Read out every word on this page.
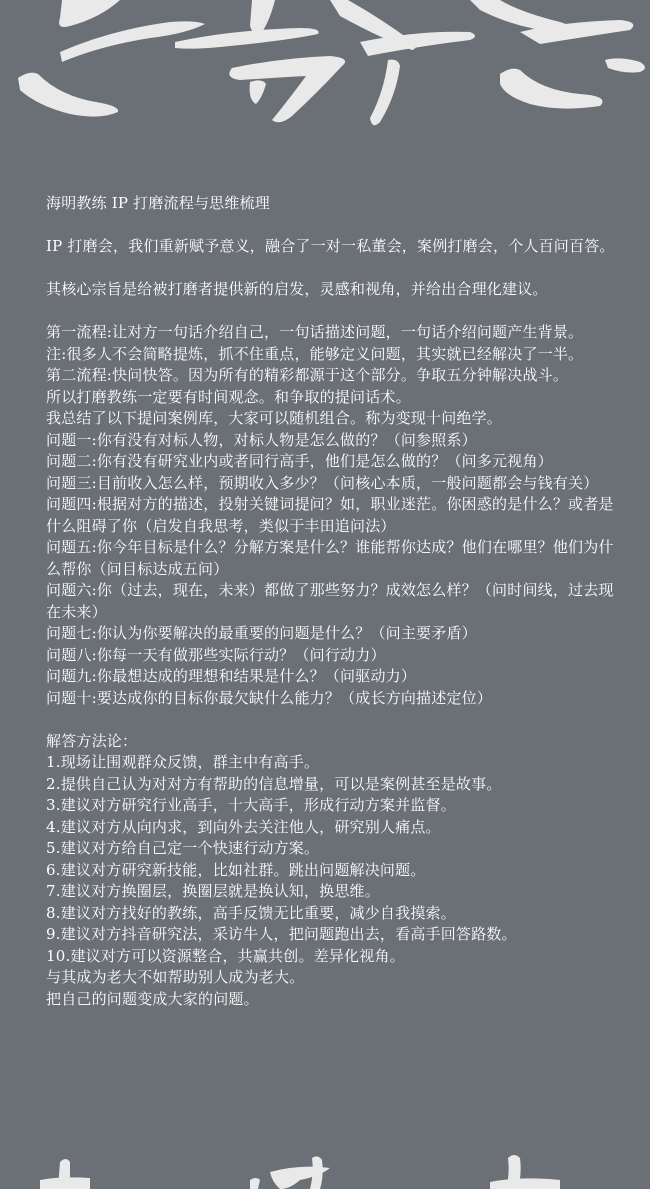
海明教练 IP 打磨流程与思维梳理

IP 打磨会，我们重新赋予意义，融合了一对一私董会，案例打磨会，个人百问百答。

其核心宗旨是给被打磨者提供新的启发，灵感和视角，并给出合理化建议。

第一流程:让对方一句话介绍自己，一句话描述问题，一句话介绍问题产生背景。

注:很多人不会简略提炼，抓不住重点，能够定义问题，其实就已经解决了一半。

第二流程:快问快答。因为所有的精彩都源于这个部分。争取五分钟解决战斗。

所以打磨教练一定要有时间观念。和争取的提问话术。

我总结了以下提问案例库，大家可以随机组合。称为变现十问绝学。

问题一:你有没有对标人物，对标人物是怎么做的？（问参照系）

问题二:你有没有研究业内或者同行高手，他们是怎么做的？（问多元视角）

问题三:目前收入怎么样，预期收入多少？（问核心本质，一般问题都会与钱有关）

问题四:根据对方的描述，投射关键词提问？如，职业迷茫。你困惑的是什么？或者是什么阻碍了你（启发自我思考，类似于丰田追问法）

问题五:你今年目标是什么？分解方案是什么？谁能帮你达成？他们在哪里？他们为什么帮你（问目标达成五问）

问题六:你（过去，现在，未来）都做了那些努力？成效怎么样？（问时间线，过去现在未来）

问题七:你认为你要解决的最重要的问题是什么？（问主要矛盾）

问题八:你每一天有做那些实际行动？（问行动力）

问题九:你最想达成的理想和结果是什么？（问驱动力）

问题十:要达成你的目标你最欠缺什么能力？（成长方向描述定位）

解答方法论：

1.现场让围观群众反馈，群主中有高手。

2.提供自己认为对对方有帮助的信息增量，可以是案例甚至是故事。

3.建议对方研究行业高手，十大高手，形成行动方案并监督。

4.建议对方从向内求，到向外去关注他人，研究别人痛点。

5.建议对方给自己定一个快速行动方案。

6.建议对方研究新技能，比如社群。跳出问题解决问题。

7.建议对方换圈层，换圈层就是换认知，换思维。

8.建议对方找好的教练，高手反馈无比重要，减少自我摸索。

9.建议对方抖音研究法，采访牛人，把问题跑出去，看高手回答路数。

10.建议对方可以资源整合，共赢共创。差异化视角。

与其成为老大不如帮助别人成为老大。

把自己的问题变成大家的问题。
